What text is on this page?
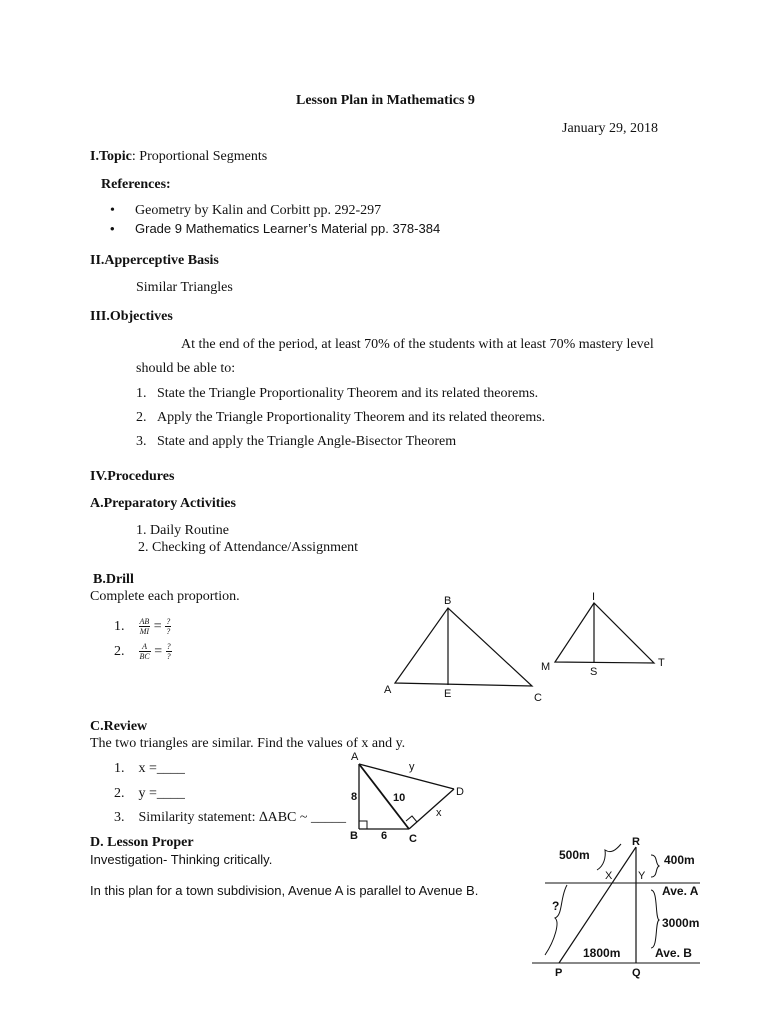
Lesson Plan in Mathematics 9
January 29, 2018
I.Topic: Proportional Segments
References:
• Geometry by Kalin and Corbitt pp. 292-297
• Grade 9 Mathematics Learner’s Material pp. 378-384
II.Apperceptive Basis
Similar Triangles
III.Objectives
At the end of the period, at least 70% of the students with at least 70% mastery level
should be able to:
1. State the Triangle Proportionality Theorem and its related theorems.
2. Apply the Triangle Proportionality Theorem and its related theorems.
3. State and apply the Triangle Angle-Bisector Theorem
IV.Procedures
A.Preparatory Activities
1. Daily Routine
2. Checking of Attendance/Assignment
B.Drill
Complete each proportion.
1. $\frac{AB}{MI} = \frac{?}{?}$
2. $\frac{A}{BC} = \frac{?}{?}$
B
A	E	C
I
M	S
T
A
y
D
8	10
x
B 6 C	R
500m	400m
X Y
Ave. A
?
3000m
1800m	Ave. B
P	Q
C.Review
The two triangles are similar. Find the values of x and y.
1. x =____
2. y =____
3. Similarity statement: ∆ABC ~ _____
D. Lesson Proper
Investigation- Thinking critically.
In this plan for a town subdivision, Avenue A is parallel to Avenue B.
